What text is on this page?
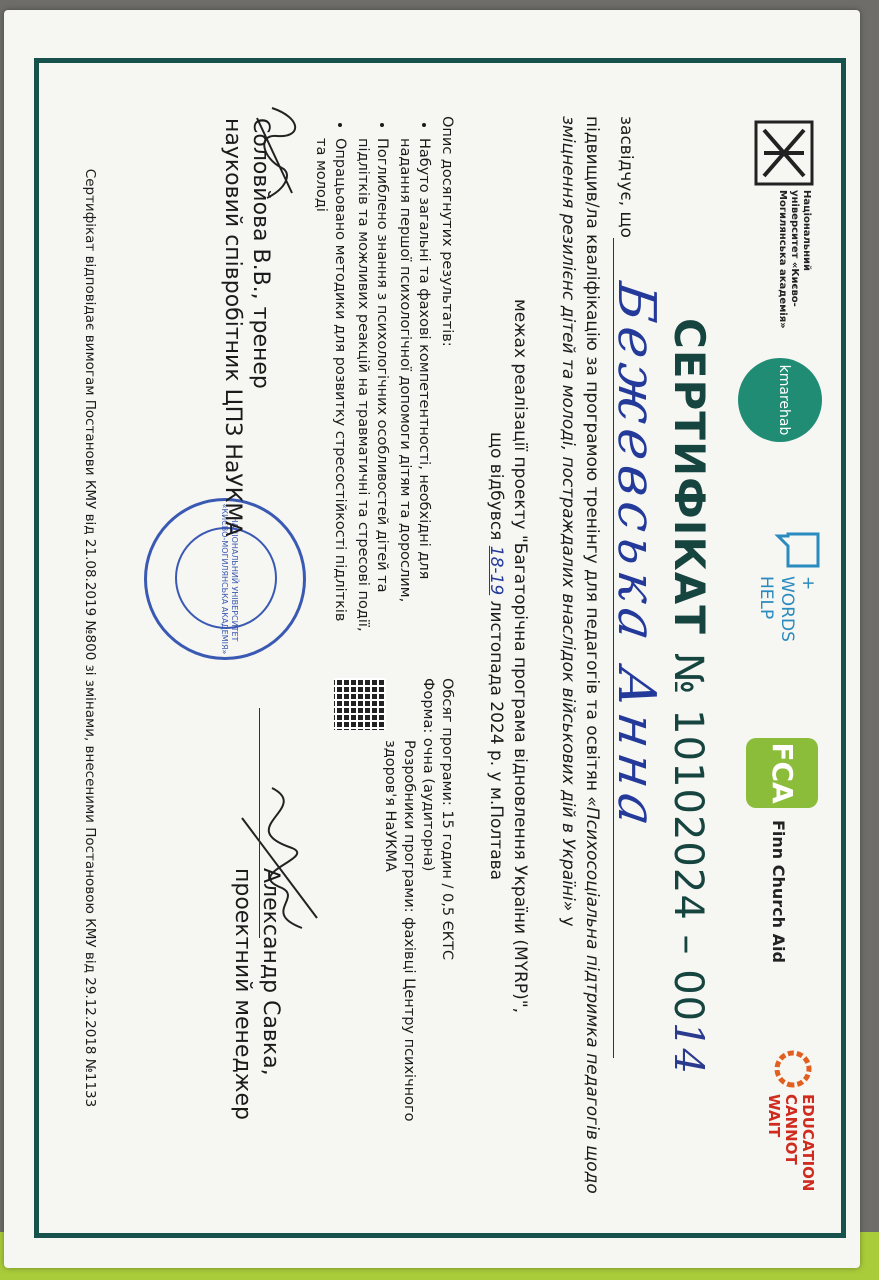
Національний університет «Києво-Могилянська академія»
kmarehab
+ WORDS
HELP
FCA
Finn Church Aid
EDUCATION
CANNOT
WAIT
СЕРТИФІКАТ№ 10102024 – 0014
засвідчує, що
Бежевська Анна
підвищив/ла кваліфікацію за програмою тренінгу для педагогів та освітян «Психосоціальна підтримка педагогів щодо зміцнення резилієнс дітей та молоді, постраждалих внаслідок військових дій в Україні» у
межах реалізації проекту "Багаторічна програма відновлення України (MYRP)",
що відбувся 18-19 листопада 2024 р. у м.Полтава
Опис досягнутих результатів:
• Набуто загальні та фахові компетентності, необхідні для надання першої психологічної допомоги дітям та дорослим,
• Поглиблено знання з психологічних особливостей дітей та підлітків та можливих реакцій на травматичні та стресові події,
• Опрацьовано методики для розвитку стресостійкості підлітків та молоді
Обсяг програми: 15 годин / 0,5 ЄКТС
Форма: очна (аудиторна)
Розробники програми: фахівці Центру психічного здоров'я НаУКМА
НАЦІОНАЛЬНИЙ УНІВЕРСИТЕТ
«КИЄВО-МОГИЛЯНСЬКА АКАДЕМІЯ»
Соловйова В.В., тренер
науковий співробітник ЦПЗ НаУКМА
Александр Савка,
проектний менеджер
Сертифікат відповідає вимогам Постанови КМУ від 21.08.2019 №800 зі змінами, внесеними Постановою КМУ від 29.12.2018 №1133
